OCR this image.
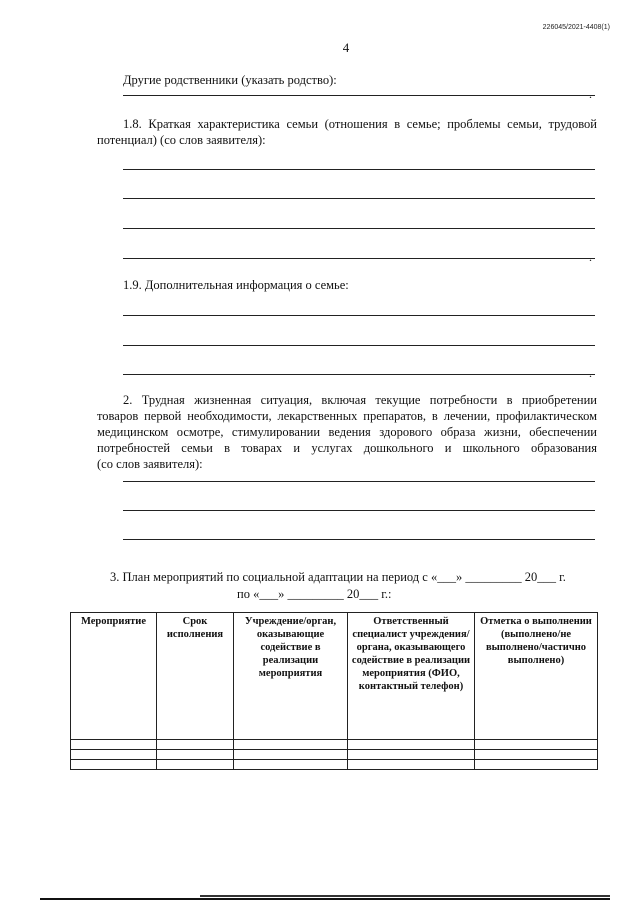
226045/2021-4408(1)
4
Другие родственники (указать родство):
.
1.8. Краткая характеристика семьи (отношения в семье; проблемы семьи, трудовой
потенциал) (со слов заявителя):
.
1.9. Дополнительная информация о семье:
.
2. Трудная жизненная ситуация, включая текущие потребности в приобретении
товаров первой необходимости, лекарственных препаратов, в лечении, профилактическом
медицинском осмотре, стимулировании ведения здорового образа жизни, обеспечении
потребностей семьи в товарах и услугах дошкольного и школьного образования
(со слов заявителя):
3. План мероприятий по социальной адаптации на период с «___» _________ 20___ г.
по «___» _________ 20___ г.:
Мероприятие	Срок исполнения	Учреждение/орган, оказывающие содействие в реализации мероприятия	Ответственный специалист учреждения/органа, оказывающего содействие в реализации мероприятия (ФИО, контактный телефон)	Отметка о выполнении (выполнено/не выполнено/частично выполнено)
